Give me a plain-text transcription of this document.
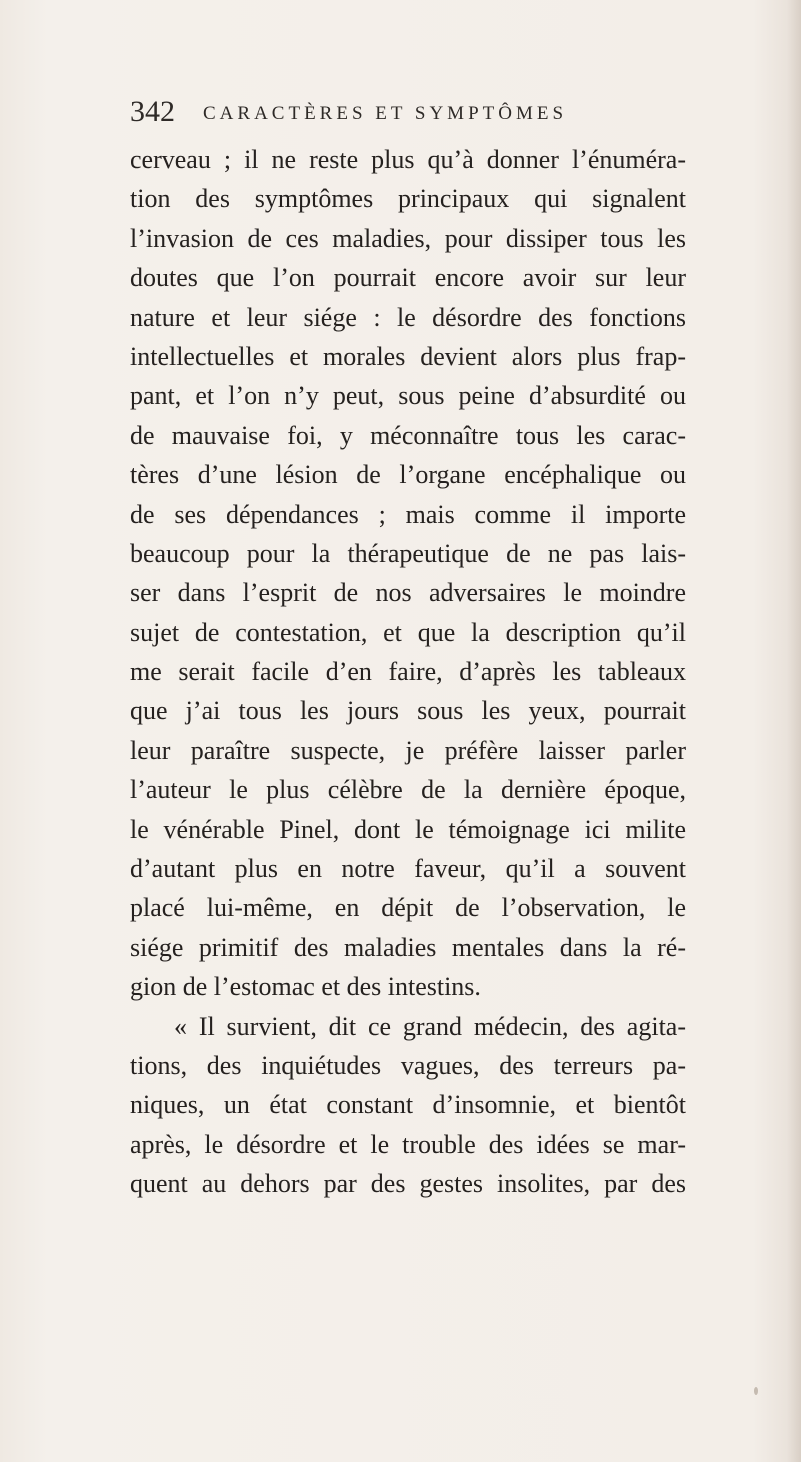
342 CARACTÈRES ET SYMPTÔMES
cerveau ; il ne reste plus qu’à donner l’énuméra-
tion des symptômes principaux qui signalent
l’invasion de ces maladies, pour dissiper tous les
doutes que l’on pourrait encore avoir sur leur
nature et leur siége : le désordre des fonctions
intellectuelles et morales devient alors plus frap-
pant, et l’on n’y peut, sous peine d’absurdité ou
de mauvaise foi, y méconnaître tous les carac-
tères d’une lésion de l’organe encéphalique ou
de ses dépendances ; mais comme il importe
beaucoup pour la thérapeutique de ne pas lais-
ser dans l’esprit de nos adversaires le moindre
sujet de contestation, et que la description qu’il
me serait facile d’en faire, d’après les tableaux
que j’ai tous les jours sous les yeux, pourrait
leur paraître suspecte, je préfère laisser parler
l’auteur le plus célèbre de la dernière époque,
le vénérable Pinel, dont le témoignage ici milite
d’autant plus en notre faveur, qu’il a souvent
placé lui-même, en dépit de l’observation, le
siége primitif des maladies mentales dans la ré-
gion de l’estomac et des intestins.
« Il survient, dit ce grand médecin, des agita-
tions, des inquiétudes vagues, des terreurs pa-
niques, un état constant d’insomnie, et bientôt
après, le désordre et le trouble des idées se mar-
quent au dehors par des gestes insolites, par des
